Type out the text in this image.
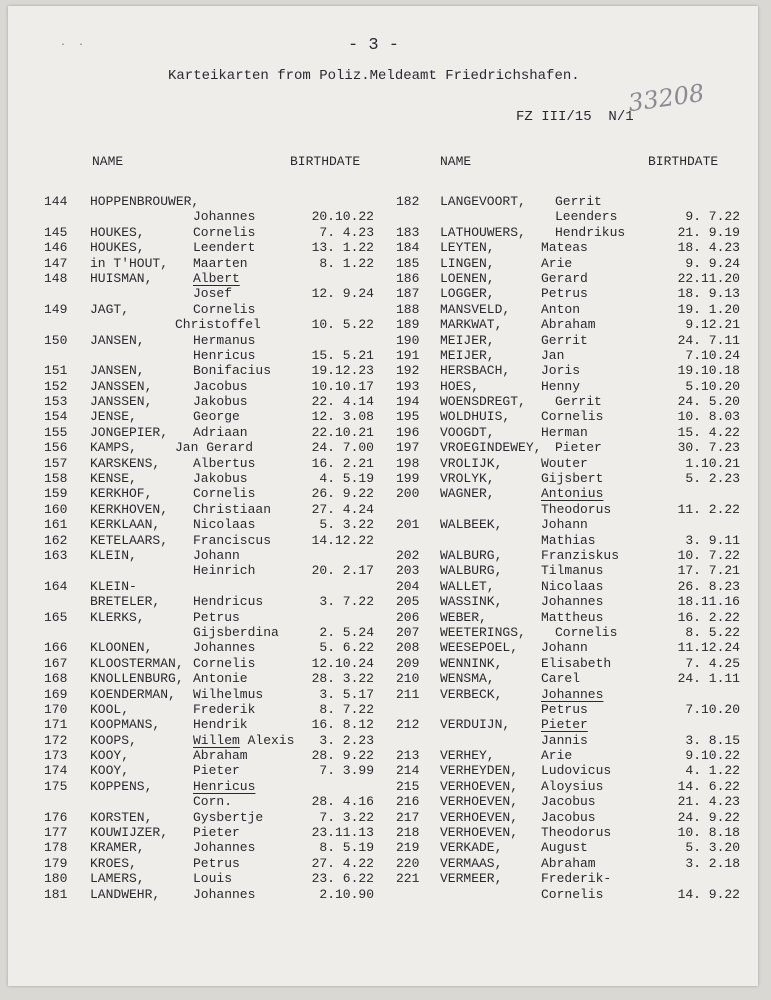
·  ·	- 3 -
Karteikarten from Poliz.Meldeamt Friedrichshafen.
FZ III/15  N/1
33208
NAME	BIRTHDATE	NAME	BIRTHDATE
144 HOPPENBROUWER,
Johannes	20.10.22
145 HOUKES,	Cornelis	7. 4.23
146 HOUKES,	Leendert	13. 1.22
147 in T'HOUT, Maarten	8. 1.22
148 HUISMAN,	Albert
Josef	12. 9.24
149 JAGT,	Cornelis
Christoffel	10. 5.22
150 JANSEN,	Hermanus
Henricus	15. 5.21
151 JANSEN,	Bonifacius	19.12.23
152 JANSSEN,	Jacobus	10.10.17
153 JANSSEN,	Jakobus	22. 4.14
154 JENSE,	George	12. 3.08
155 JONGEPIER, Adriaan	22.10.21
156 KAMPS,	Jan Gerard	24. 7.00
157 KARSKENS,	Albertus	16. 2.21
158 KENSE,	Jakobus	4. 5.19
159 KERKHOF,	Cornelis	26. 9.22
160 KERKHOVEN, Christiaan	27. 4.24
161 KERKLAAN,	Nicolaas	5. 3.22
162 KETELAARS, Franciscus	14.12.22
163 KLEIN,	Johann
Heinrich	20. 2.17
164 KLEIN-
BRETELER,	Hendricus	3. 7.22
165 KLERKS,	Petrus
Gijsberdina	2. 5.24
166 KLOONEN,	Johannes	5. 6.22
167 KLOOSTERMAN, Cornelis	12.10.24
168 KNOLLENBURG, Antonie	28. 3.22
169 KOENDERMAN, Wilhelmus	3. 5.17
170 KOOL,	Frederik	8. 7.22
171 KOOPMANS,	Hendrik	16. 8.12
172 KOOPS,	Willem Alexis	3. 2.23
173 KOOY,	Abraham	28. 9.22
174 KOOY,	Pieter	7. 3.99
175 KOPPENS,	Henricus
Corn.	28. 4.16
176 KORSTEN,	Gysbertje	7. 3.22
177 KOUWIJZER, Pieter	23.11.13
178 KRAMER,	Johannes	8. 5.19
179 KROES,	Petrus	27. 4.22
180 LAMERS,	Louis	23. 6.22
181 LANDWEHR,	Johannes	2.10.90
182 LANGEVOORT, Gerrit
Leenders	9. 7.22
183 LATHOUWERS, Hendrikus	21. 9.19
184 LEYTEN,	Mateas	18. 4.23
185 LINGEN,	Arie	9. 9.24
186 LOENEN,	Gerard	22.11.20
187 LOGGER,	Petrus	18. 9.13
188 MANSVELD, Anton	19. 1.20
189 MARKWAT,	Abraham	9.12.21
190 MEIJER,	Gerrit	24. 7.11
191 MEIJER,	Jan	7.10.24
192 HERSBACH, Joris	19.10.18
193 HOES,	Henny	5.10.20
194 WOENSDREGT, Gerrit	24. 5.20
195 WOLDHUIS, Cornelis	10. 8.03
196 VOOGDT,	Herman	15. 4.22
197 VROEGINDEWEY, Pieter	30. 7.23
198 VROLIJK,	Wouter	1.10.21
199 VROLYK,	Gijsbert	5. 2.23
200 WAGNER,	Antonius
Theodorus	11. 2.22
201 WALBEEK,	Johann
Mathias	3. 9.11
202 WALBURG,	Franziskus	10. 7.22
203 WALBURG,	Tilmanus	17. 7.21
204 WALLET,	Nicolaas	26. 8.23
205 WASSINK,	Johannes	18.11.16
206 WEBER,	Mattheus	16. 2.22
207 WEETERINGS, Cornelis	8. 5.22
208 WEESEPOEL, Johann	11.12.24
209 WENNINK,	Elisabeth	7. 4.25
210 WENSMA,	Carel	24. 1.11
211 VERBECK,	Johannes
Petrus	7.10.20
212 VERDUIJN, Pieter
Jannis	3. 8.15
213 VERHEY,	Arie	9.10.22
214 VERHEYDEN, Ludovicus	4. 1.22
215 VERHOEVEN, Aloysius	14. 6.22
216 VERHOEVEN, Jacobus	21. 4.23
217 VERHOEVEN, Jacobus	24. 9.22
218 VERHOEVEN, Theodorus	10. 8.18
219 VERKADE,	August	5. 3.20
220 VERMAAS,	Abraham	3. 2.18
221 VERMEER,	Frederik-
Cornelis	14. 9.22
